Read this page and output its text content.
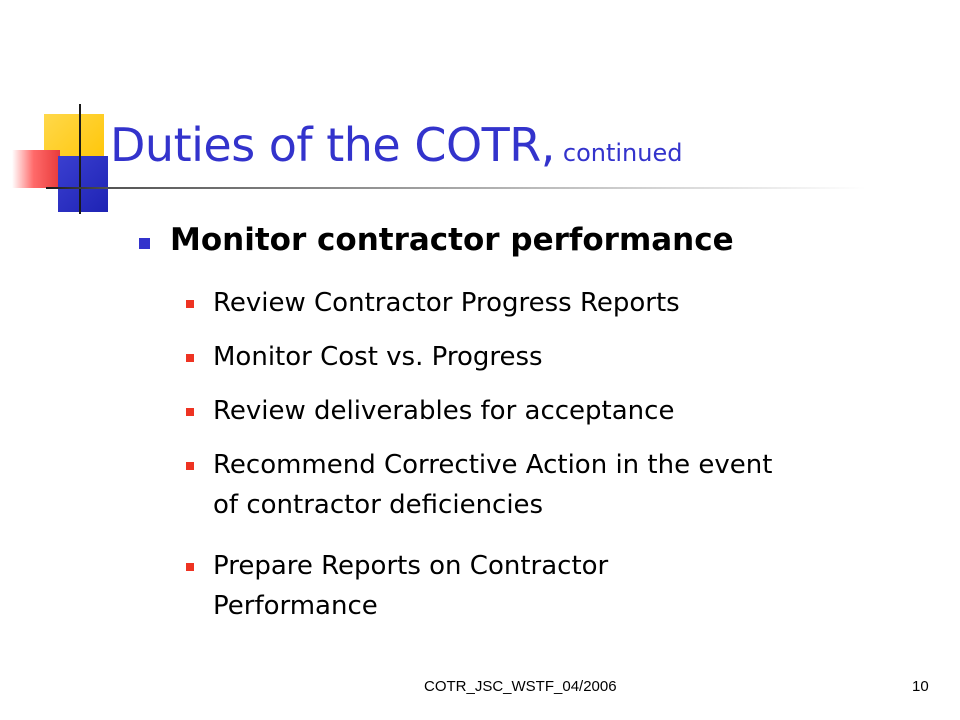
Duties of the COTR, continued
Monitor contractor performance
Review Contractor Progress Reports
Monitor Cost vs. Progress
Review deliverables for acceptance
Recommend Corrective Action in the event
of contractor deficiencies
Prepare Reports on Contractor
Performance
COTR_JSC_WSTF_04/2006	10
